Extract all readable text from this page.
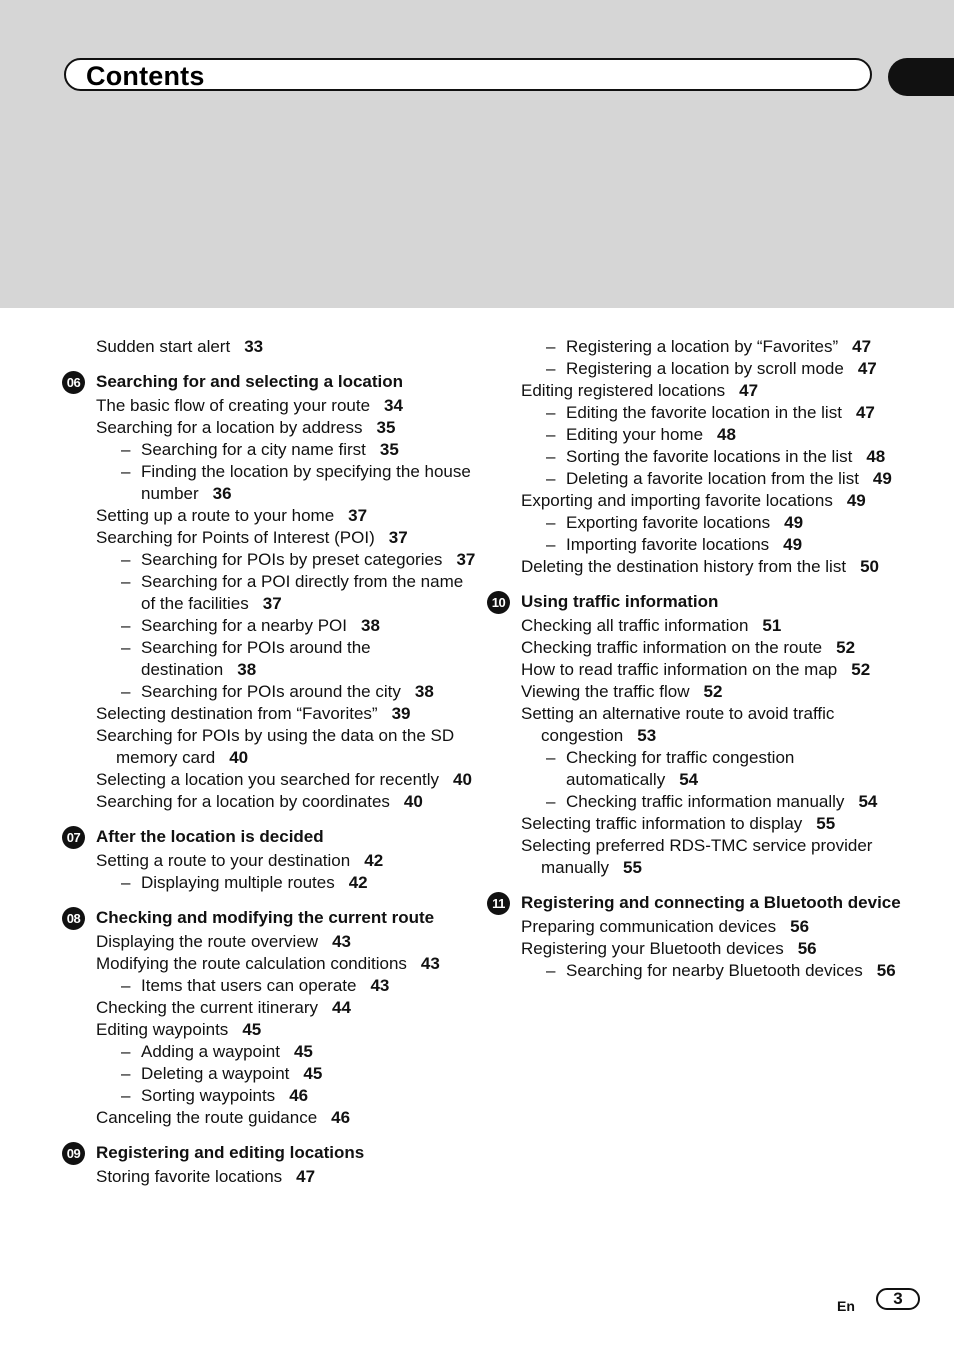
Contents
Sudden start alert 33
06 Searching for and selecting a location
The basic flow of creating your route 34
Searching for a location by address 35
– Searching for a city name first 35
– Finding the location by specifying the house number 36
Setting up a route to your home 37
Searching for Points of Interest (POI) 37
– Searching for POIs by preset categories 37
– Searching for a POI directly from the name of the facilities 37
– Searching for a nearby POI 38
– Searching for POIs around the destination 38
– Searching for POIs around the city 38
Selecting destination from “Favorites” 39
Searching for POIs by using the data on the SD memory card 40
Selecting a location you searched for recently 40
Searching for a location by coordinates 40
07 After the location is decided
Setting a route to your destination 42
– Displaying multiple routes 42
08 Checking and modifying the current route
Displaying the route overview 43
Modifying the route calculation conditions 43
– Items that users can operate 43
Checking the current itinerary 44
Editing waypoints 45
– Adding a waypoint 45
– Deleting a waypoint 45
– Sorting waypoints 46
Canceling the route guidance 46
09 Registering and editing locations
Storing favorite locations 47
– Registering a location by “Favorites” 47
– Registering a location by scroll mode 47
Editing registered locations 47
– Editing the favorite location in the list 47
– Editing your home 48
– Sorting the favorite locations in the list 48
– Deleting a favorite location from the list 49
Exporting and importing favorite locations 49
– Exporting favorite locations 49
– Importing favorite locations 49
Deleting the destination history from the list 50
10 Using traffic information
Checking all traffic information 51
Checking traffic information on the route 52
How to read traffic information on the map 52
Viewing the traffic flow 52
Setting an alternative route to avoid traffic congestion 53
– Checking for traffic congestion automatically 54
– Checking traffic information manually 54
Selecting traffic information to display 55
Selecting preferred RDS-TMC service provider manually 55
11 Registering and connecting a Bluetooth device
Preparing communication devices 56
Registering your Bluetooth devices 56
– Searching for nearby Bluetooth devices 56
En	3
